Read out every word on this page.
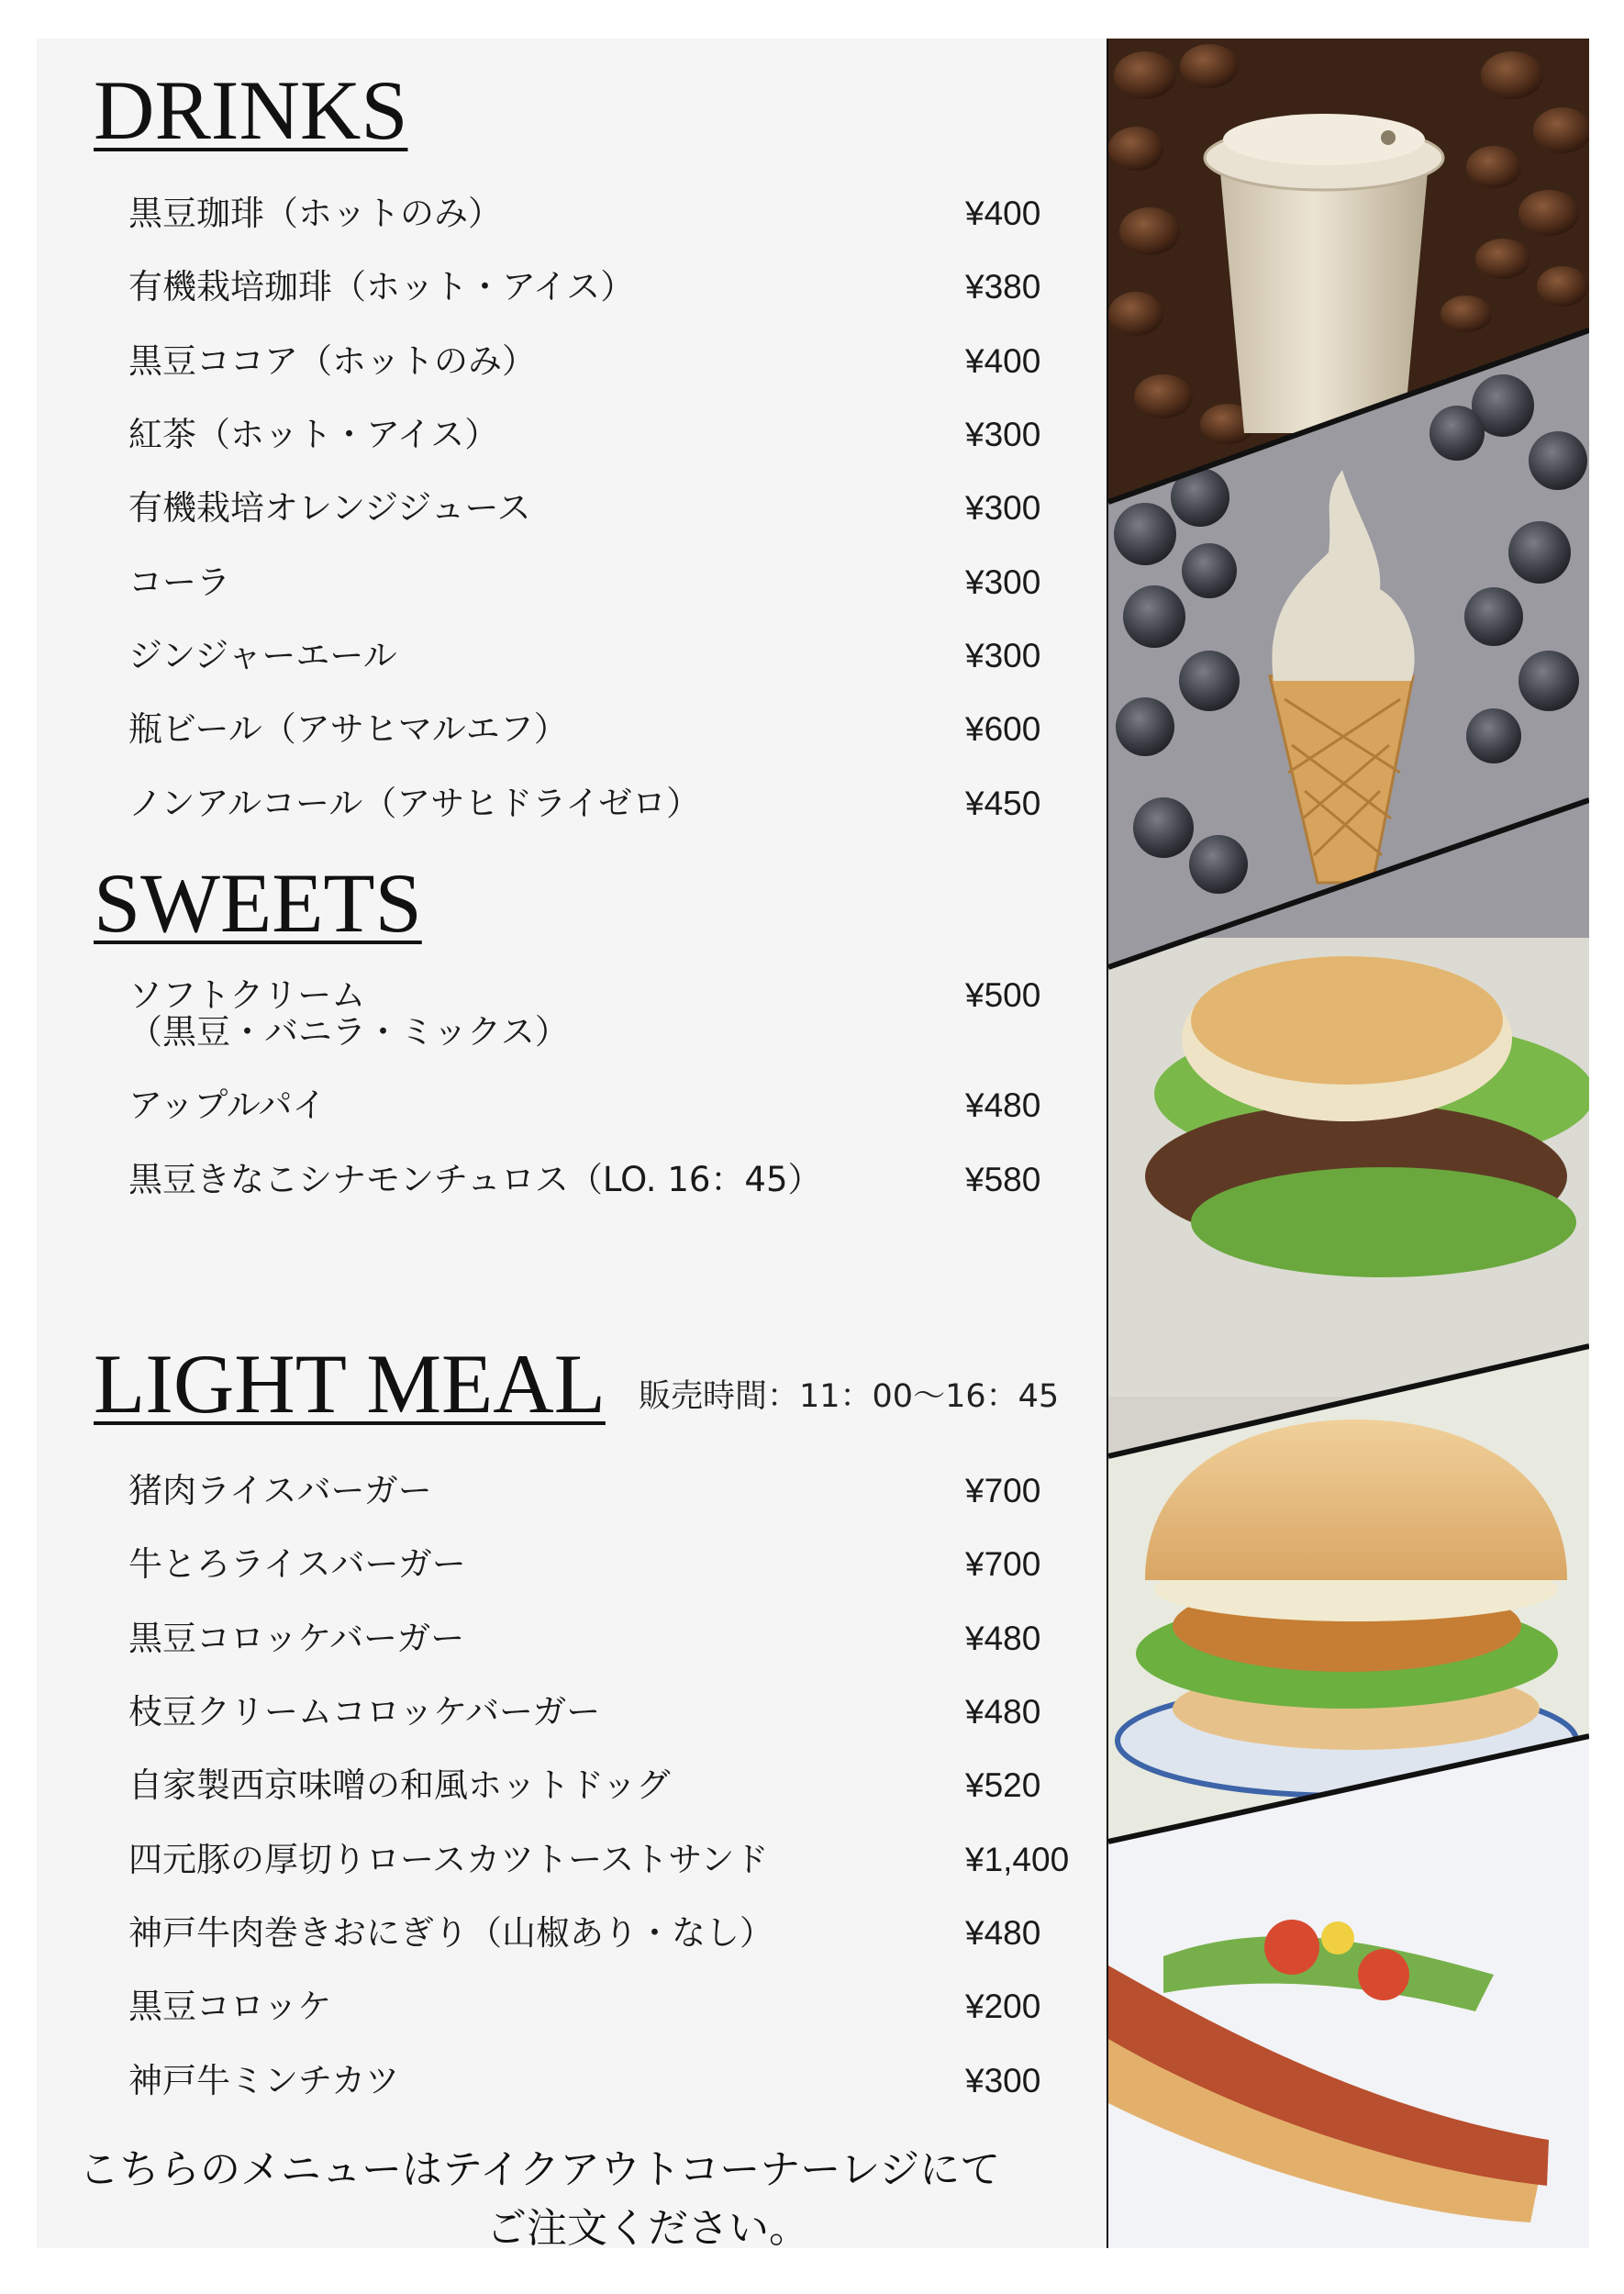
DRINKS
黒豆珈琲（ホットのみ）	¥400
有機栽培珈琲（ホット・アイス）	¥380
黒豆ココア（ホットのみ）	¥400
紅茶（ホット・アイス）	¥300
有機栽培オレンジジュース	¥300
コーラ	¥300
ジンジャーエール	¥300
瓶ビール（アサヒマルエフ）	¥600
ノンアルコール（アサヒドライゼロ）	¥450
SWEETS
ソフトクリーム
（黒豆・バニラ・ミックス）
¥500
アップルパイ	¥480
黒豆きなこシナモンチュロス（LO. 16：45）	¥580
LIGHT MEAL 販売時間：11：00～16：45
猪肉ライスバーガー	¥700
牛とろライスバーガー	¥700
黒豆コロッケバーガー	¥480
枝豆クリームコロッケバーガー	¥480
自家製西京味噌の和風ホットドッグ	¥520
四元豚の厚切りロースカツトーストサンド	¥1,400
神戸牛肉巻きおにぎり（山椒あり・なし）	¥480
黒豆コロッケ	¥200
神戸牛ミンチカツ	¥300
こちらのメニューはテイクアウトコーナーレジにて
ご注文ください。
